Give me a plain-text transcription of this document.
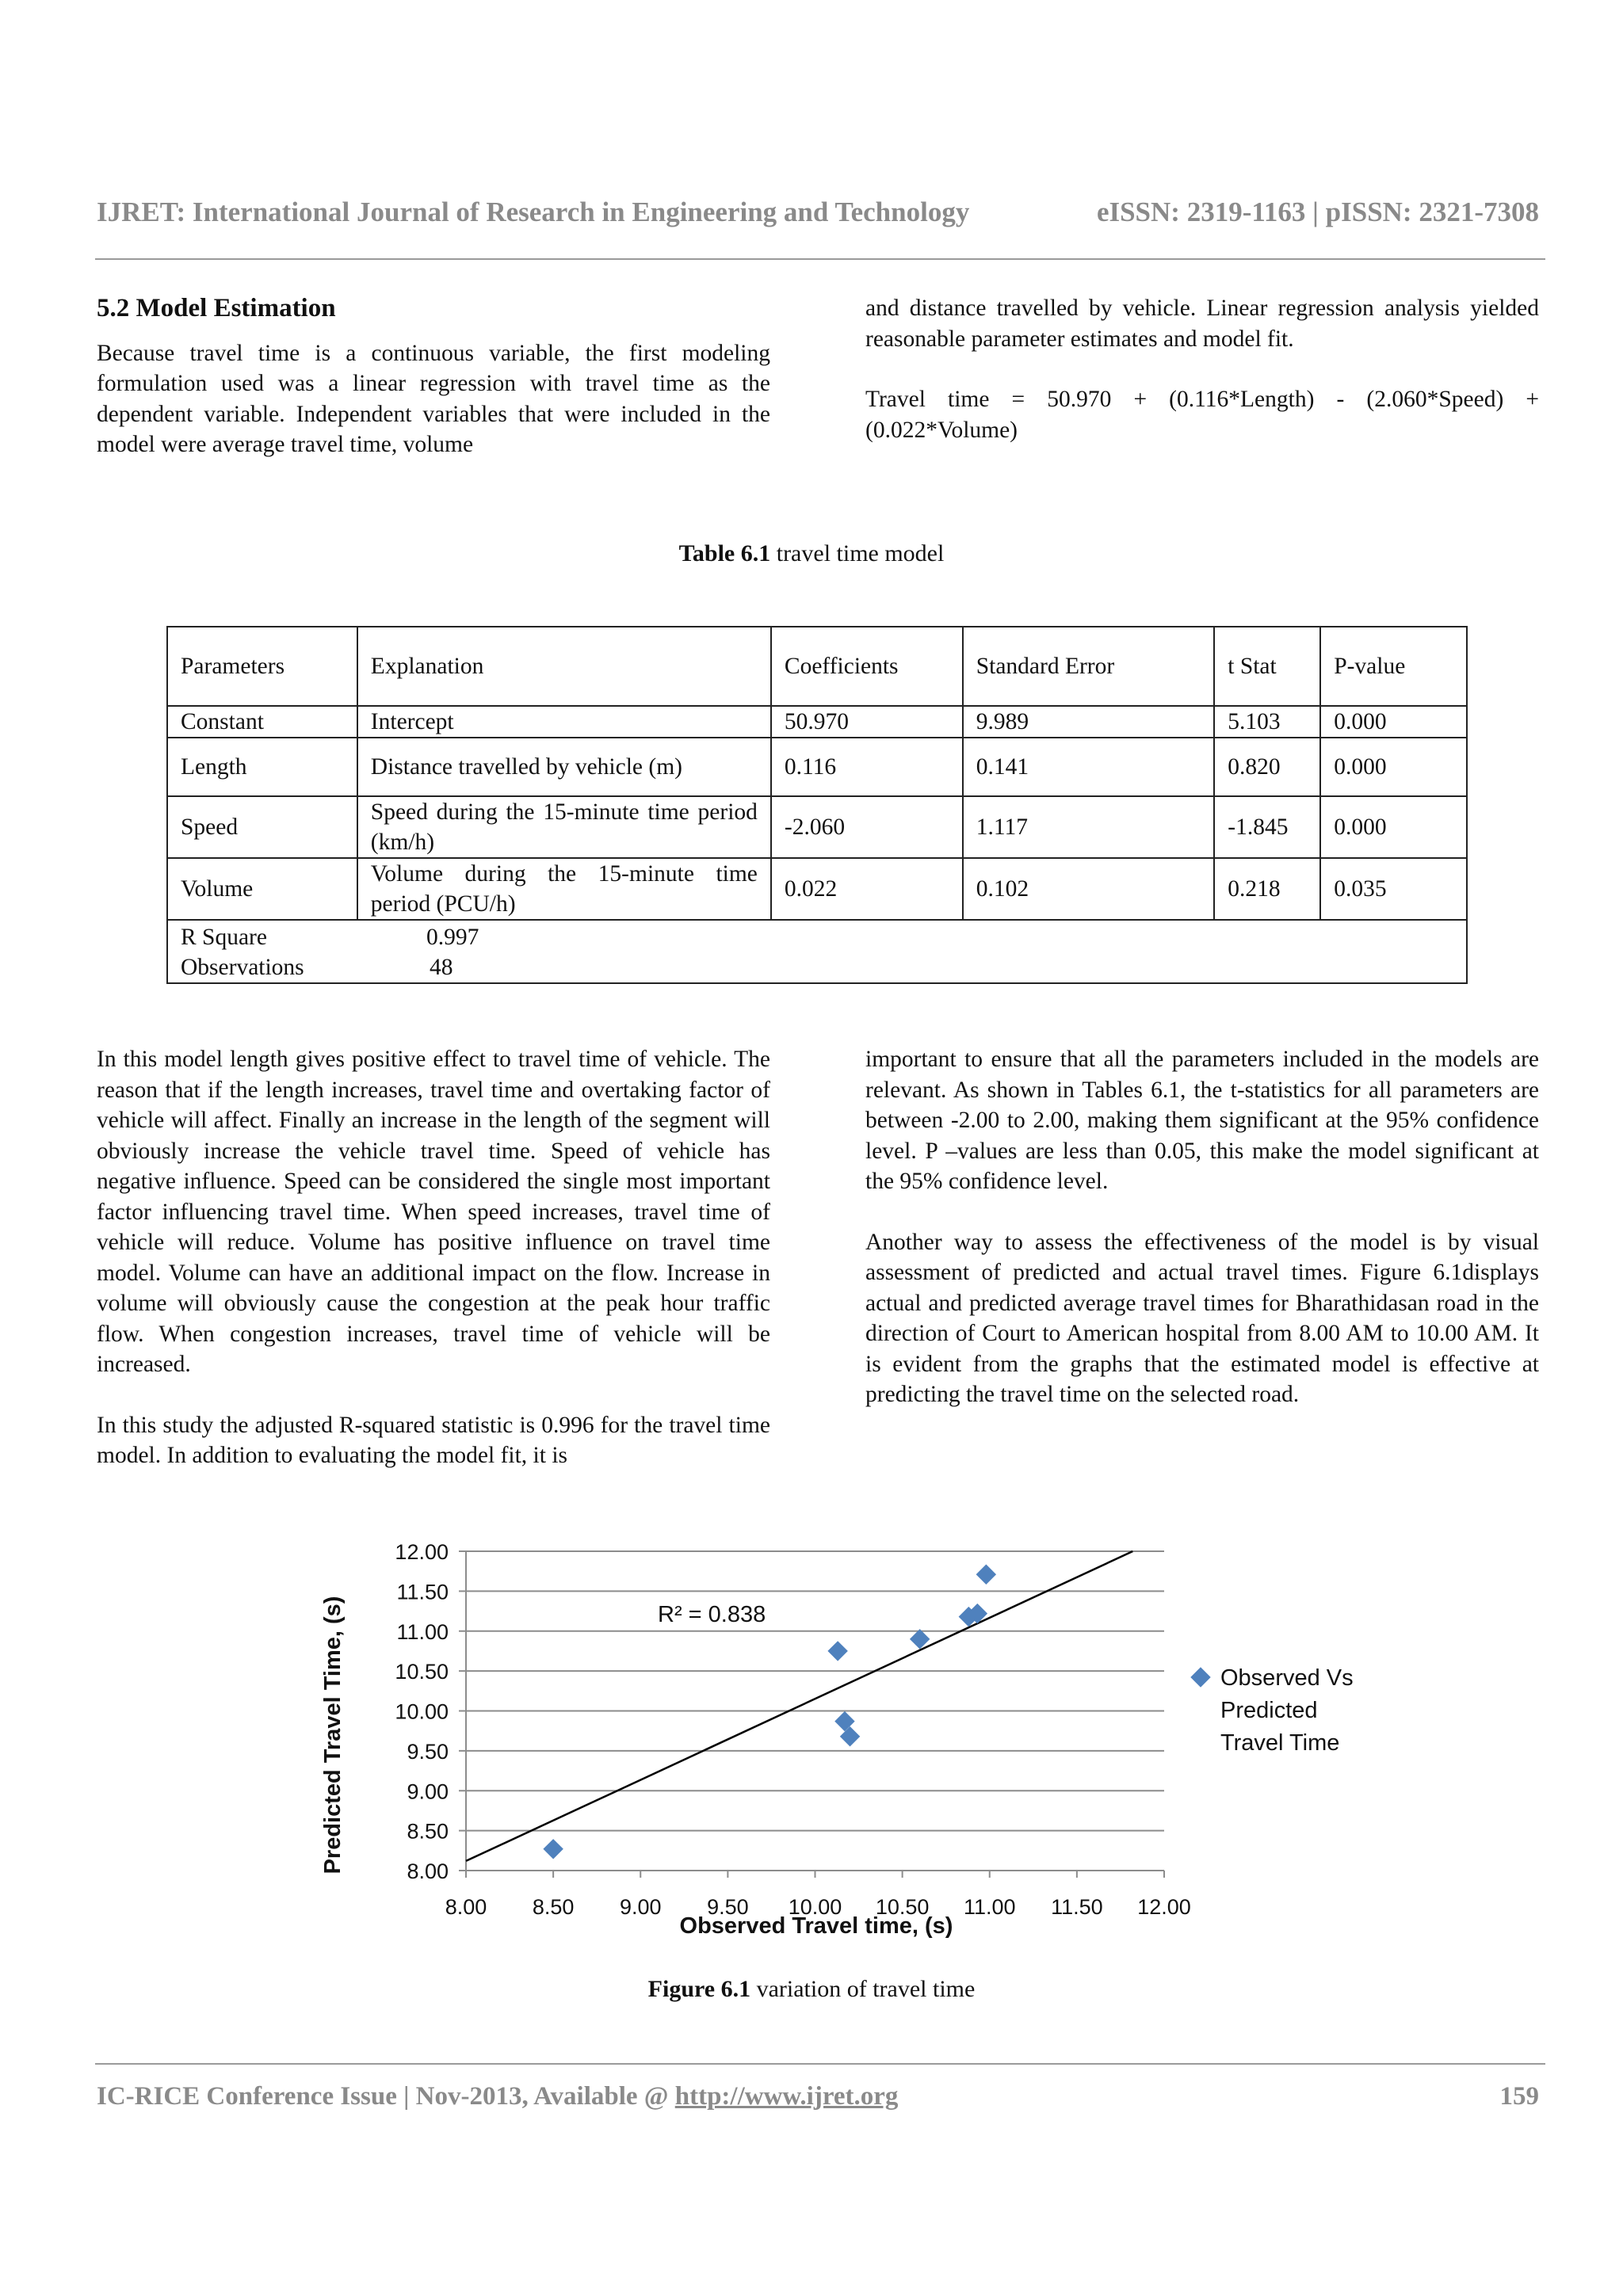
IJRET: International Journal of Research in Engineering and Technology	eISSN: 2319-1163 | pISSN: 2321-7308
5.2 Model Estimation

Because travel time is a continuous variable, the first modeling formulation used was a linear regression with travel time as the dependent variable. Independent variables that were included in the model were average travel time, volume

and distance travelled by vehicle. Linear regression analysis yielded reasonable parameter estimates and model fit.

Travel time = 50.970 + (0.116*Length) - (2.060*Speed) + (0.022*Volume)

Table 6.1 travel time model
Parameters	Explanation	Coefficients	Standard Error	t Stat	P-value
Constant	Intercept	50.970	9.989	5.103	0.000
Length	Distance travelled by vehicle (m)	0.116	0.141	0.820	0.000
Speed	Speed during the 15-minute time period (km/h)	-2.060	1.117	-1.845	0.000
Volume	Volume during the 15-minute time period (PCU/h)	0.022	0.102	0.218	0.035

R Square 0.997
Observations 48					

In this model length gives positive effect to travel time of vehicle. The reason that if the length increases, travel time and overtaking factor of vehicle will affect. Finally an increase in the length of the segment will obviously increase the vehicle travel time. Speed of vehicle has negative influence. Speed can be considered the single most important factor influencing travel time. When speed increases, travel time of vehicle will reduce. Volume has positive influence on travel time model. Volume can have an additional impact on the flow. Increase in volume will obviously cause the congestion at the peak hour traffic flow. When congestion increases, travel time of vehicle will be increased.

In this study the adjusted R-squared statistic is 0.996 for the travel time model. In addition to evaluating the model fit, it is

important to ensure that all the parameters included in the models are relevant. As shown in Tables 6.1, the t-statistics for all parameters are between -2.00 to 2.00, making them significant at the 95% confidence level. P –values are less than 0.05, this make the model significant at the 95% confidence level.

Another way to assess the effectiveness of the model is by visual assessment of predicted and actual travel times. Figure 6.1displays actual and predicted average travel times for Bharathidasan road in the direction of Court to American hospital from 8.00 AM to 10.00 AM. It is evident from the graphs that the estimated model is effective at predicting the travel time on the selected road.

8.00
8.50
9.00
9.50
10.00
10.50
11.00
11.50
12.00
8.00 8.50 9.00 9.50 10.00 10.50 11.00 11.50 12.00
R² = 0.838
Observed Travel time, (s)
Predicted Travel Time, (s)	Observed Vs
Predicted
Travel Time
Figure 6.1 variation of travel time
IC-RICE Conference Issue | Nov-2013, Available @ http://www.ijret.org	159
